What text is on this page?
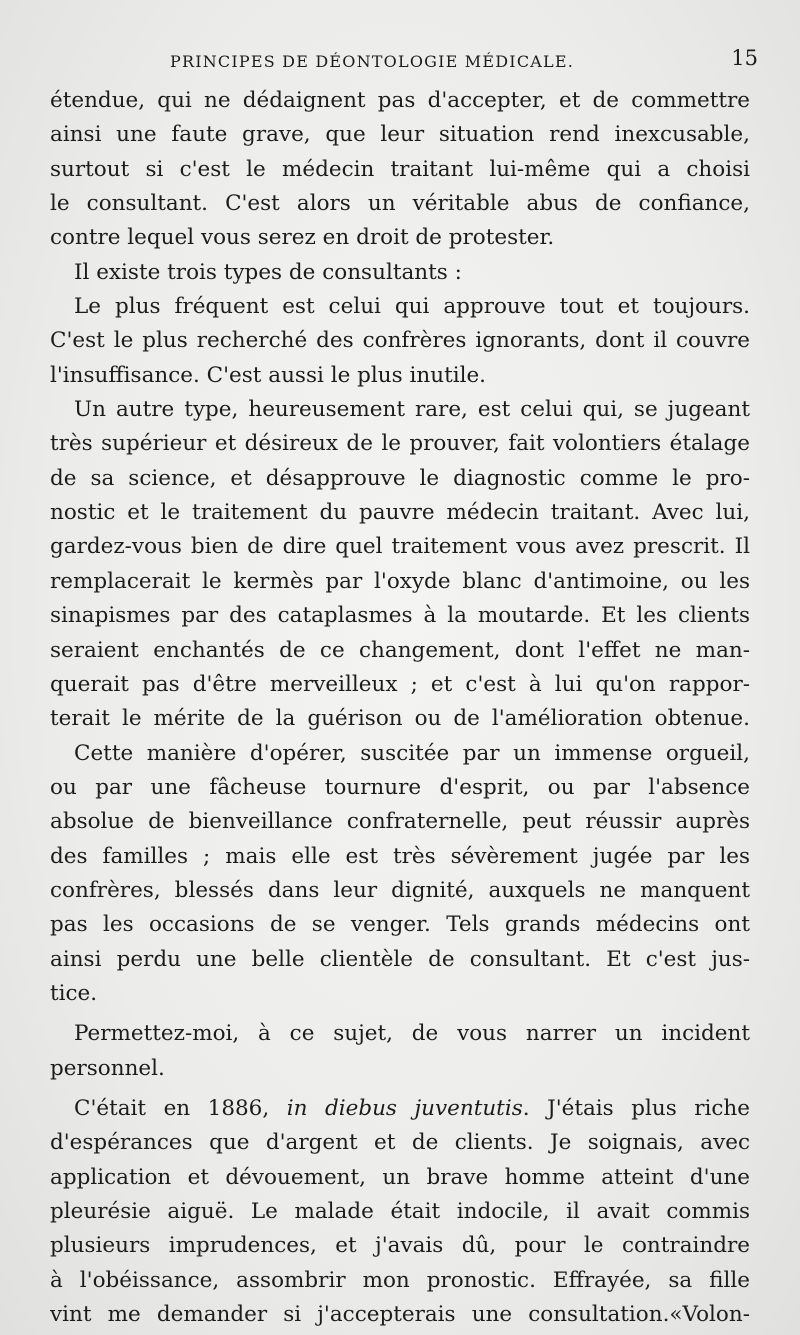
PRINCIPES DE DÉONTOLOGIE MÉDICALE.	15
étendue, qui ne dédaignent pas d'accepter, et de commettre
ainsi une faute grave, que leur situation rend inexcusable,
surtout si c'est le médecin traitant lui-même qui a choisi
le consultant. C'est alors un véritable abus de confiance,
contre lequel vous serez en droit de protester.
Il existe trois types de consultants :
Le plus fréquent est celui qui approuve tout et toujours.
C'est le plus recherché des confrères ignorants, dont il couvre
l'insuffisance. C'est aussi le plus inutile.
Un autre type, heureusement rare, est celui qui, se jugeant
très supérieur et désireux de le prouver, fait volontiers étalage
de sa science, et désapprouve le diagnostic comme le pro-
nostic et le traitement du pauvre médecin traitant. Avec lui,
gardez-vous bien de dire quel traitement vous avez prescrit. Il
remplacerait le kermès par l'oxyde blanc d'antimoine, ou les
sinapismes par des cataplasmes à la moutarde. Et les clients
seraient enchantés de ce changement, dont l'effet ne man-
querait pas d'être merveilleux ; et c'est à lui qu'on rappor-
terait le mérite de la guérison ou de l'amélioration obtenue.
Cette manière d'opérer, suscitée par un immense orgueil,
ou par une fâcheuse tournure d'esprit, ou par l'absence
absolue de bienveillance confraternelle, peut réussir auprès
des familles ; mais elle est très sévèrement jugée par les
confrères, blessés dans leur dignité, auxquels ne manquent
pas les occasions de se venger. Tels grands médecins ont
ainsi perdu une belle clientèle de consultant. Et c'est jus-
tice.
Permettez-moi, à ce sujet, de vous narrer un incident
personnel.
C'était en 1886, in diebus juventutis. J'étais plus riche
d'espérances que d'argent et de clients. Je soignais, avec
application et dévouement, un brave homme atteint d'une
pleurésie aiguë. Le malade était indocile, il avait commis
plusieurs imprudences, et j'avais dû, pour le contraindre
à l'obéissance, assombrir mon pronostic. Effrayée, sa fille
vint me demander si j'accepterais une consultation.«Volon-
